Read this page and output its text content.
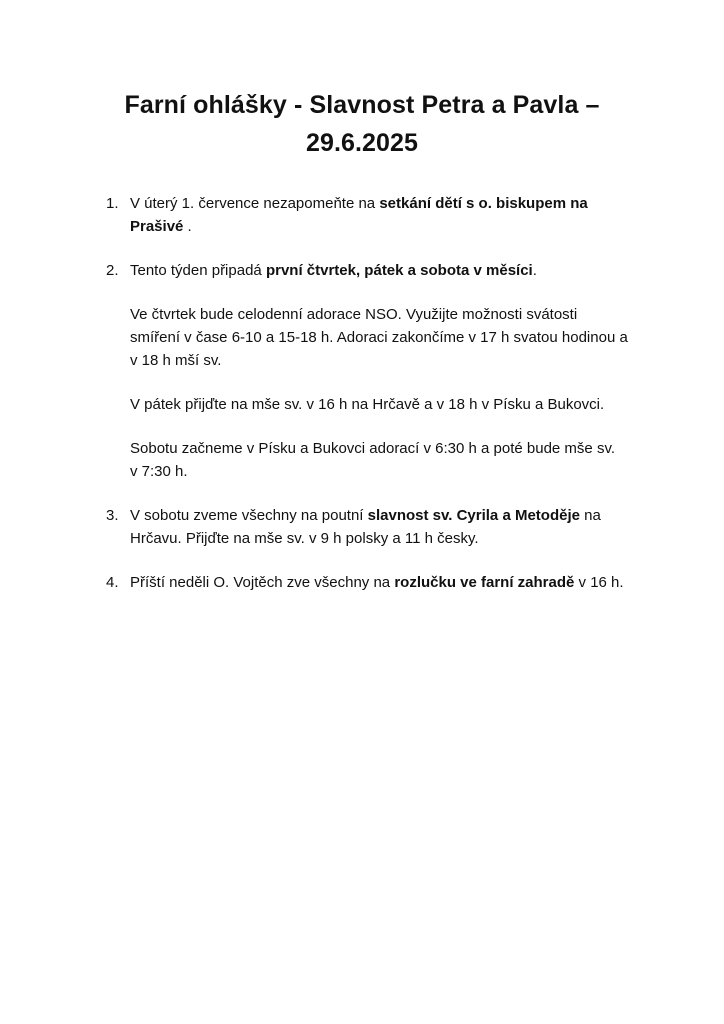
Farní ohlášky - Slavnost Petra a Pavla –
29.6.2025
1. V úterý 1. července nezapomeňte na setkání dětí s o. biskupem na
Prašivé .
2. Tento týden připadá první čtvrtek, pátek a sobota v měsíci.
Ve čtvrtek bude celodenní adorace NSO. Využijte možnosti svátosti
smíření v čase 6-10 a 15-18 h. Adoraci zakončíme v 17 h svatou hodinou a
v 18 h mší sv.
V pátek přijďte na mše sv. v 16 h na Hrčavě a v 18 h v Písku a Bukovci.
Sobotu začneme v Písku a Bukovci adorací v 6:30 h a poté bude mše sv.
v 7:30 h.
3. V sobotu zveme všechny na poutní slavnost sv. Cyrila a Metoděje na
Hrčavu. Přijďte na mše sv. v 9 h polsky a 11 h česky.
4. Příští neděli O. Vojtěch zve všechny na rozlučku ve farní zahradě v 16 h.
